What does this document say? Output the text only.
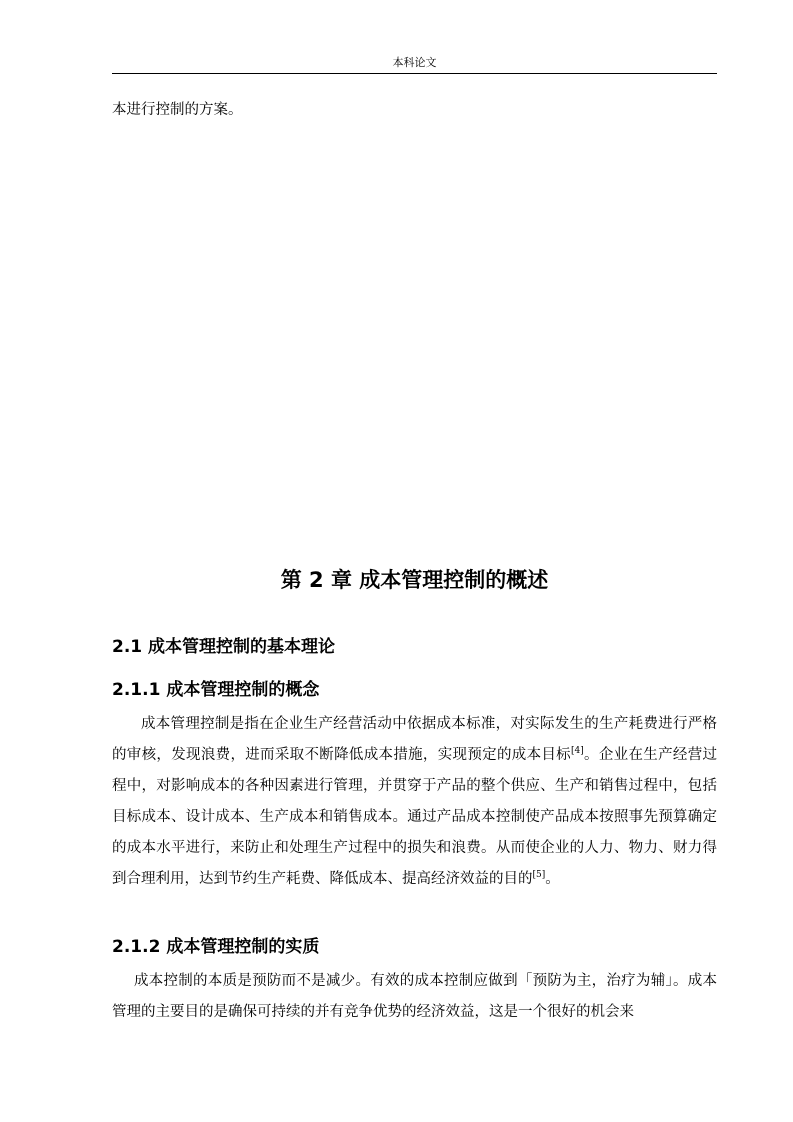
本科论文

本进行控制的方案。

第 2 章 成本管理控制的概述
2.1 成本管理控制的基本理论
2.1.1 成本管理控制的概念

成本管理控制是指在企业生产经营活动中依据成本标准，对实际发生的生产耗费进行严格的审核，发现浪费，进而采取不断降低成本措施，实现预定的成本目标[4]。企业在生产经营过程中，对影响成本的各种因素进行管理，并贯穿于产品的整个供应、生产和销售过程中，包括目标成本、设计成本、生产成本和销售成本。通过产品成本控制使产品成本按照事先预算确定的成本水平进行，来防止和处理生产过程中的损失和浪费。从而使企业的人力、物力、财力得到合理利用，达到节约生产耗费、降低成本、提高经济效益的目的[5]。

2.1.2 成本管理控制的实质

成本控制的本质是预防而不是减少。有效的成本控制应做到「预防为主，治疗为辅」。成本管理的主要目的是确保可持续的并有竞争优势的经济效益，这是一个很好的机会来
